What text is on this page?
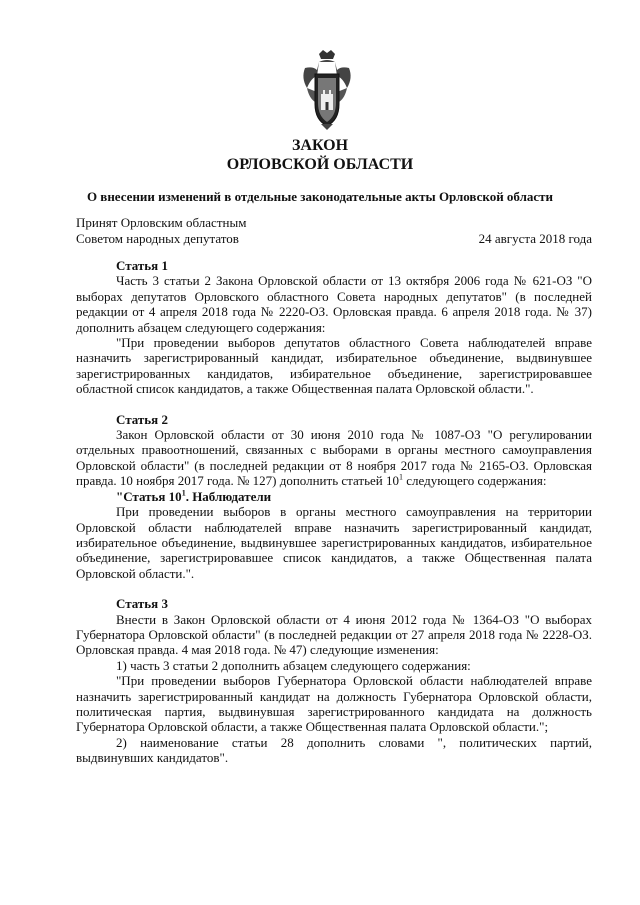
ЗАКОН
ОРЛОВСКОЙ ОБЛАСТИ
О внесении изменений в отдельные законодательные акты Орловской области
Принят Орловским областным
Советом народных депутатов	24 августа 2018 года

Статья 1

Часть 3 статьи 2 Закона Орловской области от 13 октября 2006 года № 621-ОЗ "О выборах депутатов Орловского областного Совета народных депутатов" (в последней редакции от 4 апреля 2018 года № 2220-ОЗ. Орловская правда. 6 апреля 2018 года. № 37) дополнить абзацем следующего содержания:

"При проведении выборов депутатов областного Совета наблюдателей вправе назначить зарегистрированный кандидат, избирательное объединение, выдвинувшее зарегистрированных кандидатов, избирательное объединение, зарегистрировавшее областной список кандидатов, а также Общественная палата Орловской области.".

Статья 2

Закон Орловской области от 30 июня 2010 года № 1087-ОЗ "О регулировании отдельных правоотношений, связанных с выборами в органы местного самоуправления Орловской области" (в последней редакции от 8 ноября 2017 года № 2165-ОЗ. Орловская правда. 10 ноября 2017 года. № 127) дополнить статьей $10^1$ следующего содержания:

"Статья $10^1$. Наблюдатели

При проведении выборов в органы местного самоуправления на территории Орловской области наблюдателей вправе назначить зарегистрированный кандидат, избирательное объединение, выдвинувшее зарегистрированных кандидатов, избирательное объединение, зарегистрировавшее список кандидатов, а также Общественная палата Орловской области.".

Статья 3

Внести в Закон Орловской области от 4 июня 2012 года № 1364-ОЗ "О выборах Губернатора Орловской области" (в последней редакции от 27 апреля 2018 года № 2228-ОЗ. Орловская правда. 4 мая 2018 года. № 47) следующие изменения:

1) часть 3 статьи 2 дополнить абзацем следующего содержания:

"При проведении выборов Губернатора Орловской области наблюдателей вправе назначить зарегистрированный кандидат на должность Губернатора Орловской области, политическая партия, выдвинувшая зарегистрированного кандидата на должность Губернатора Орловской области, а также Общественная палата Орловской области.";

2) наименование статьи 28 дополнить словами ", политических партий, выдвинувших кандидатов".
